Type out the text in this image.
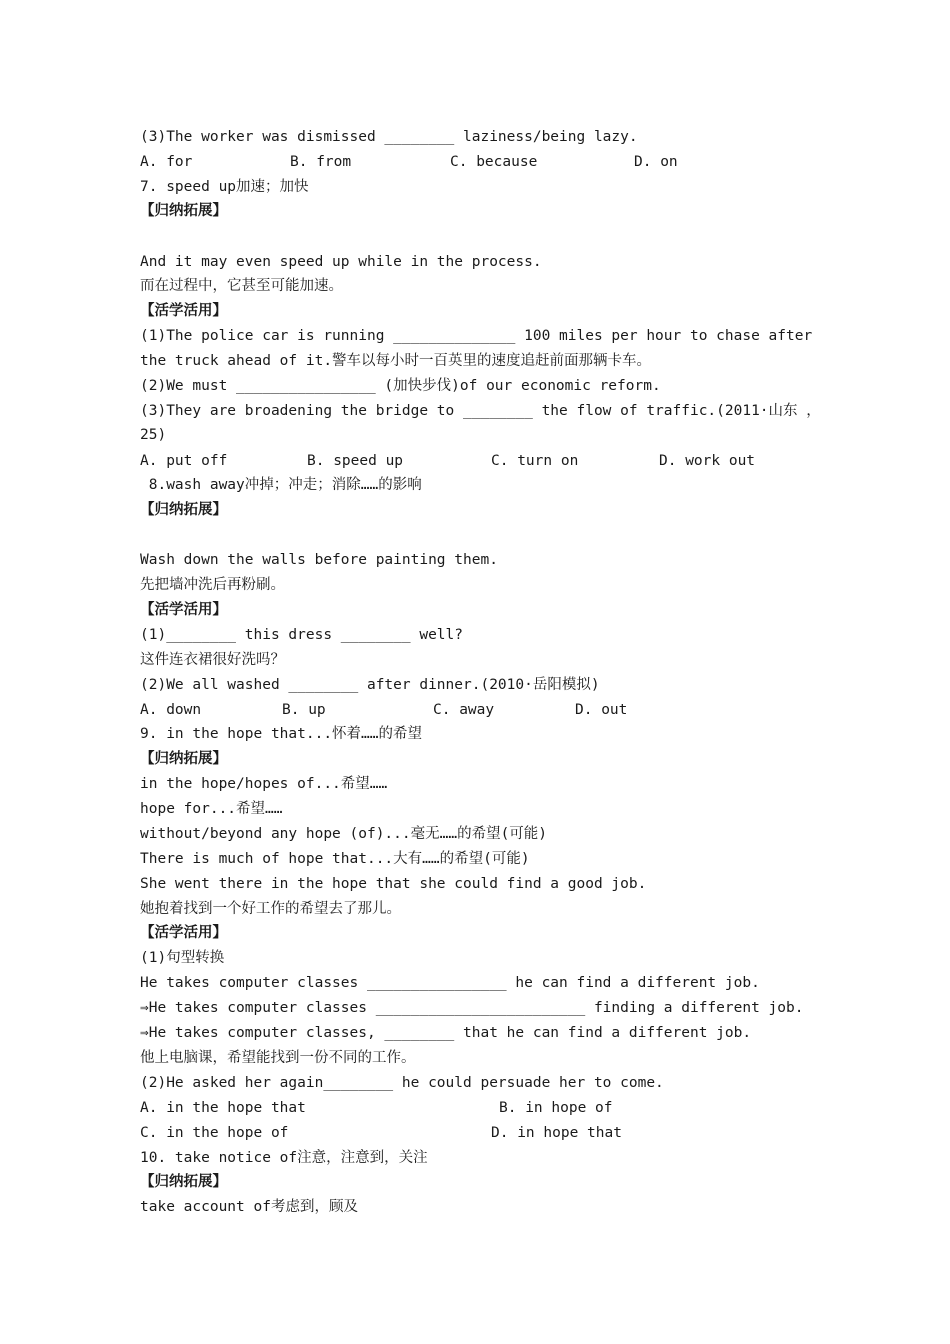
(3)The worker was dismissed ________ laziness/being lazy.
A. for	B. from	C. because	D. on
7. speed up加速；加快
【归纳拓展】
And it may even speed up while in the process.
而在过程中，它甚至可能加速。
【活学活用】
(1)The police car is running ______________ 100 miles per hour to chase after
the truck ahead of it.警车以每小时一百英里的速度追赶前面那辆卡车。
(2)We must ________________ (加快步伐)of our economic reform.
(3)They are broadening the bridge to ________ the flow of traffic.(2011·山东 ，
25)
A. put off	B. speed up	C. turn on	D. work out
8.wash away冲掉；冲走；消除……的影响
【归纳拓展】
Wash down the walls before painting them.
先把墙冲洗后再粉刷。
【活学活用】
(1)________ this dress ________ well?
这件连衣裙很好洗吗？
(2)We all washed ________ after dinner.(2010·岳阳模拟)
A. down	B. up	C. away	D. out
9. in the hope that...怀着……的希望
【归纳拓展】
in the hope/hopes of...希望……
hope for...希望……
without/beyond any hope (of)...毫无……的希望(可能)
There is much of hope that...大有……的希望(可能)
She went there in the hope that she could find a good job.
她抱着找到一个好工作的希望去了那儿。
【活学活用】
(1)句型转换
He takes computer classes ________________ he can find a different job.
⇒He takes computer classes ________________________ finding a different job.
⇒He takes computer classes, ________ that he can find a different job.
他上电脑课，希望能找到一份不同的工作。
(2)He asked her again________ he could persuade her to come.
A. in the hope that	B. in hope of
C. in the hope of	D. in hope that
10. take notice of注意，注意到，关注
【归纳拓展】
take account of考虑到，顾及
